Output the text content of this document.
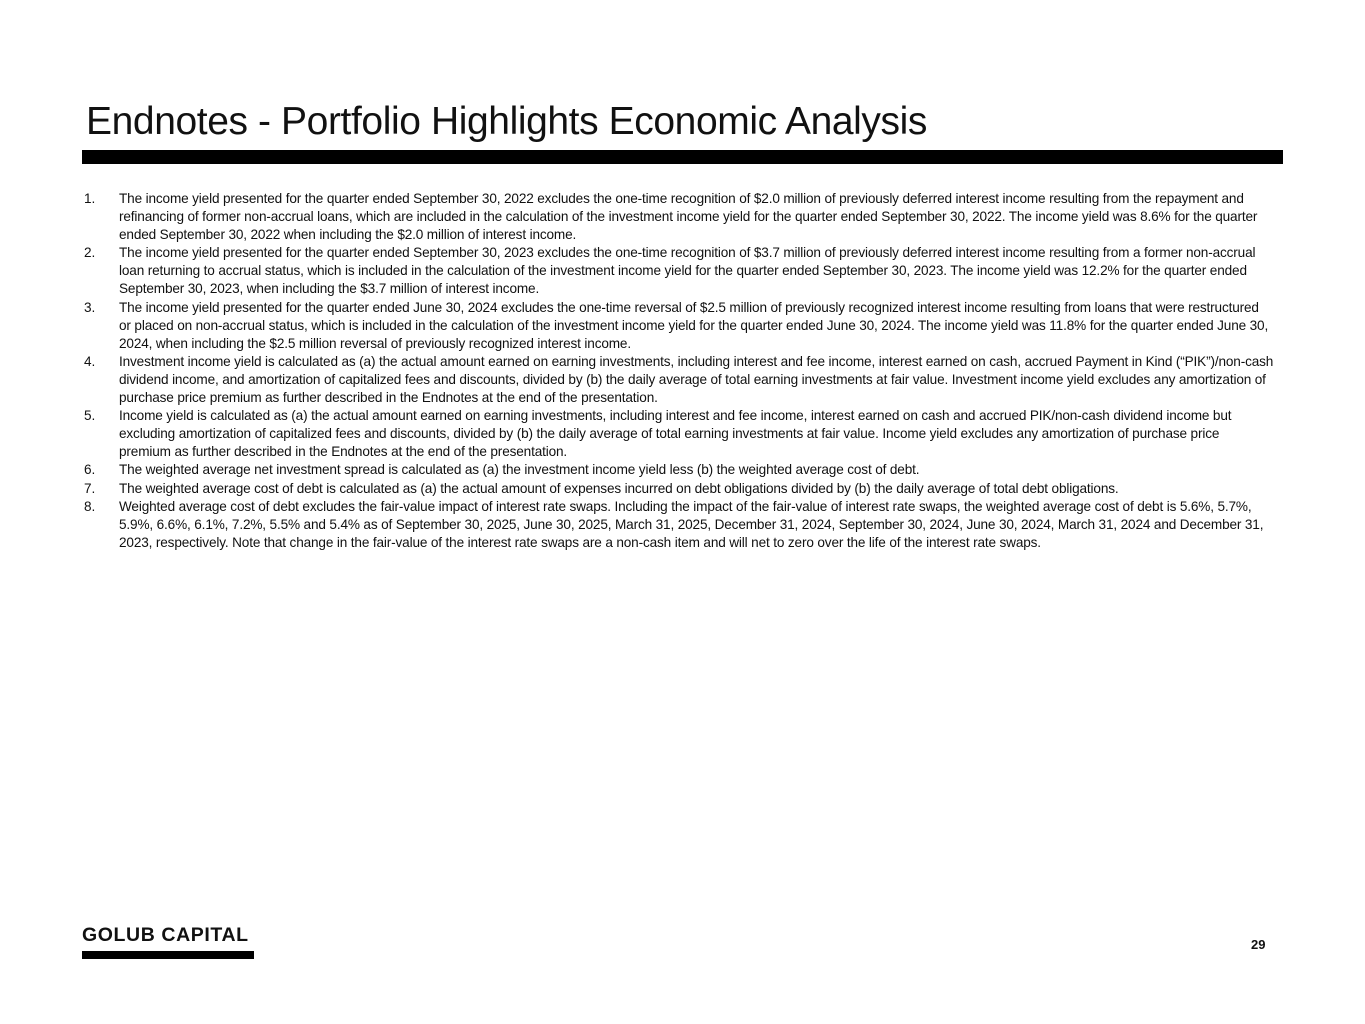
Endnotes - Portfolio Highlights Economic Analysis
1.	The income yield presented for the quarter ended September 30, 2022 excludes the one-time recognition of $2.0 million of previously deferred interest income resulting from the repayment and refinancing of former non-accrual loans, which are included in the calculation of the investment income yield for the quarter ended September 30, 2022. The income yield was 8.6% for the quarter ended September 30, 2022 when including the $2.0 million of interest income.
2.	The income yield presented for the quarter ended September 30, 2023 excludes the one-time recognition of $3.7 million of previously deferred interest income resulting from a former non-accrual loan returning to accrual status, which is included in the calculation of the investment income yield for the quarter ended September 30, 2023. The income yield was 12.2% for the quarter ended September 30, 2023, when including the $3.7 million of interest income.
3.	The income yield presented for the quarter ended June 30, 2024 excludes the one-time reversal of $2.5 million of previously recognized interest income resulting from loans that were restructured or placed on non-accrual status, which is included in the calculation of the investment income yield for the quarter ended June 30, 2024. The income yield was 11.8% for the quarter ended June 30, 2024, when including the $2.5 million reversal of previously recognized interest income.
4.	Investment income yield is calculated as (a) the actual amount earned on earning investments, including interest and fee income, interest earned on cash, accrued Payment in Kind (“PIK”)/non-cash dividend income, and amortization of capitalized fees and discounts, divided by (b) the daily average of total earning investments at fair value. Investment income yield excludes any amortization of purchase price premium as further described in the Endnotes at the end of the presentation.
5.	Income yield is calculated as (a) the actual amount earned on earning investments, including interest and fee income, interest earned on cash and accrued PIK/non-cash dividend income but excluding amortization of capitalized fees and discounts, divided by (b) the daily average of total earning investments at fair value. Income yield excludes any amortization of purchase price premium as further described in the Endnotes at the end of the presentation.
6.	The weighted average net investment spread is calculated as (a) the investment income yield less (b) the weighted average cost of debt.
7.	The weighted average cost of debt is calculated as (a) the actual amount of expenses incurred on debt obligations divided by (b) the daily average of total debt obligations.
8.	Weighted average cost of debt excludes the fair-value impact of interest rate swaps. Including the impact of the fair-value of interest rate swaps, the weighted average cost of debt is 5.6%, 5.7%, 5.9%, 6.6%, 6.1%, 7.2%, 5.5% and 5.4% as of September 30, 2025, June 30, 2025, March 31, 2025, December 31, 2024, September 30, 2024, June 30, 2024, March 31, 2024 and December 31, 2023, respectively. Note that change in the fair-value of the interest rate swaps are a non-cash item and will net to zero over the life of the interest rate swaps.
GOLUB CAPITAL	29
